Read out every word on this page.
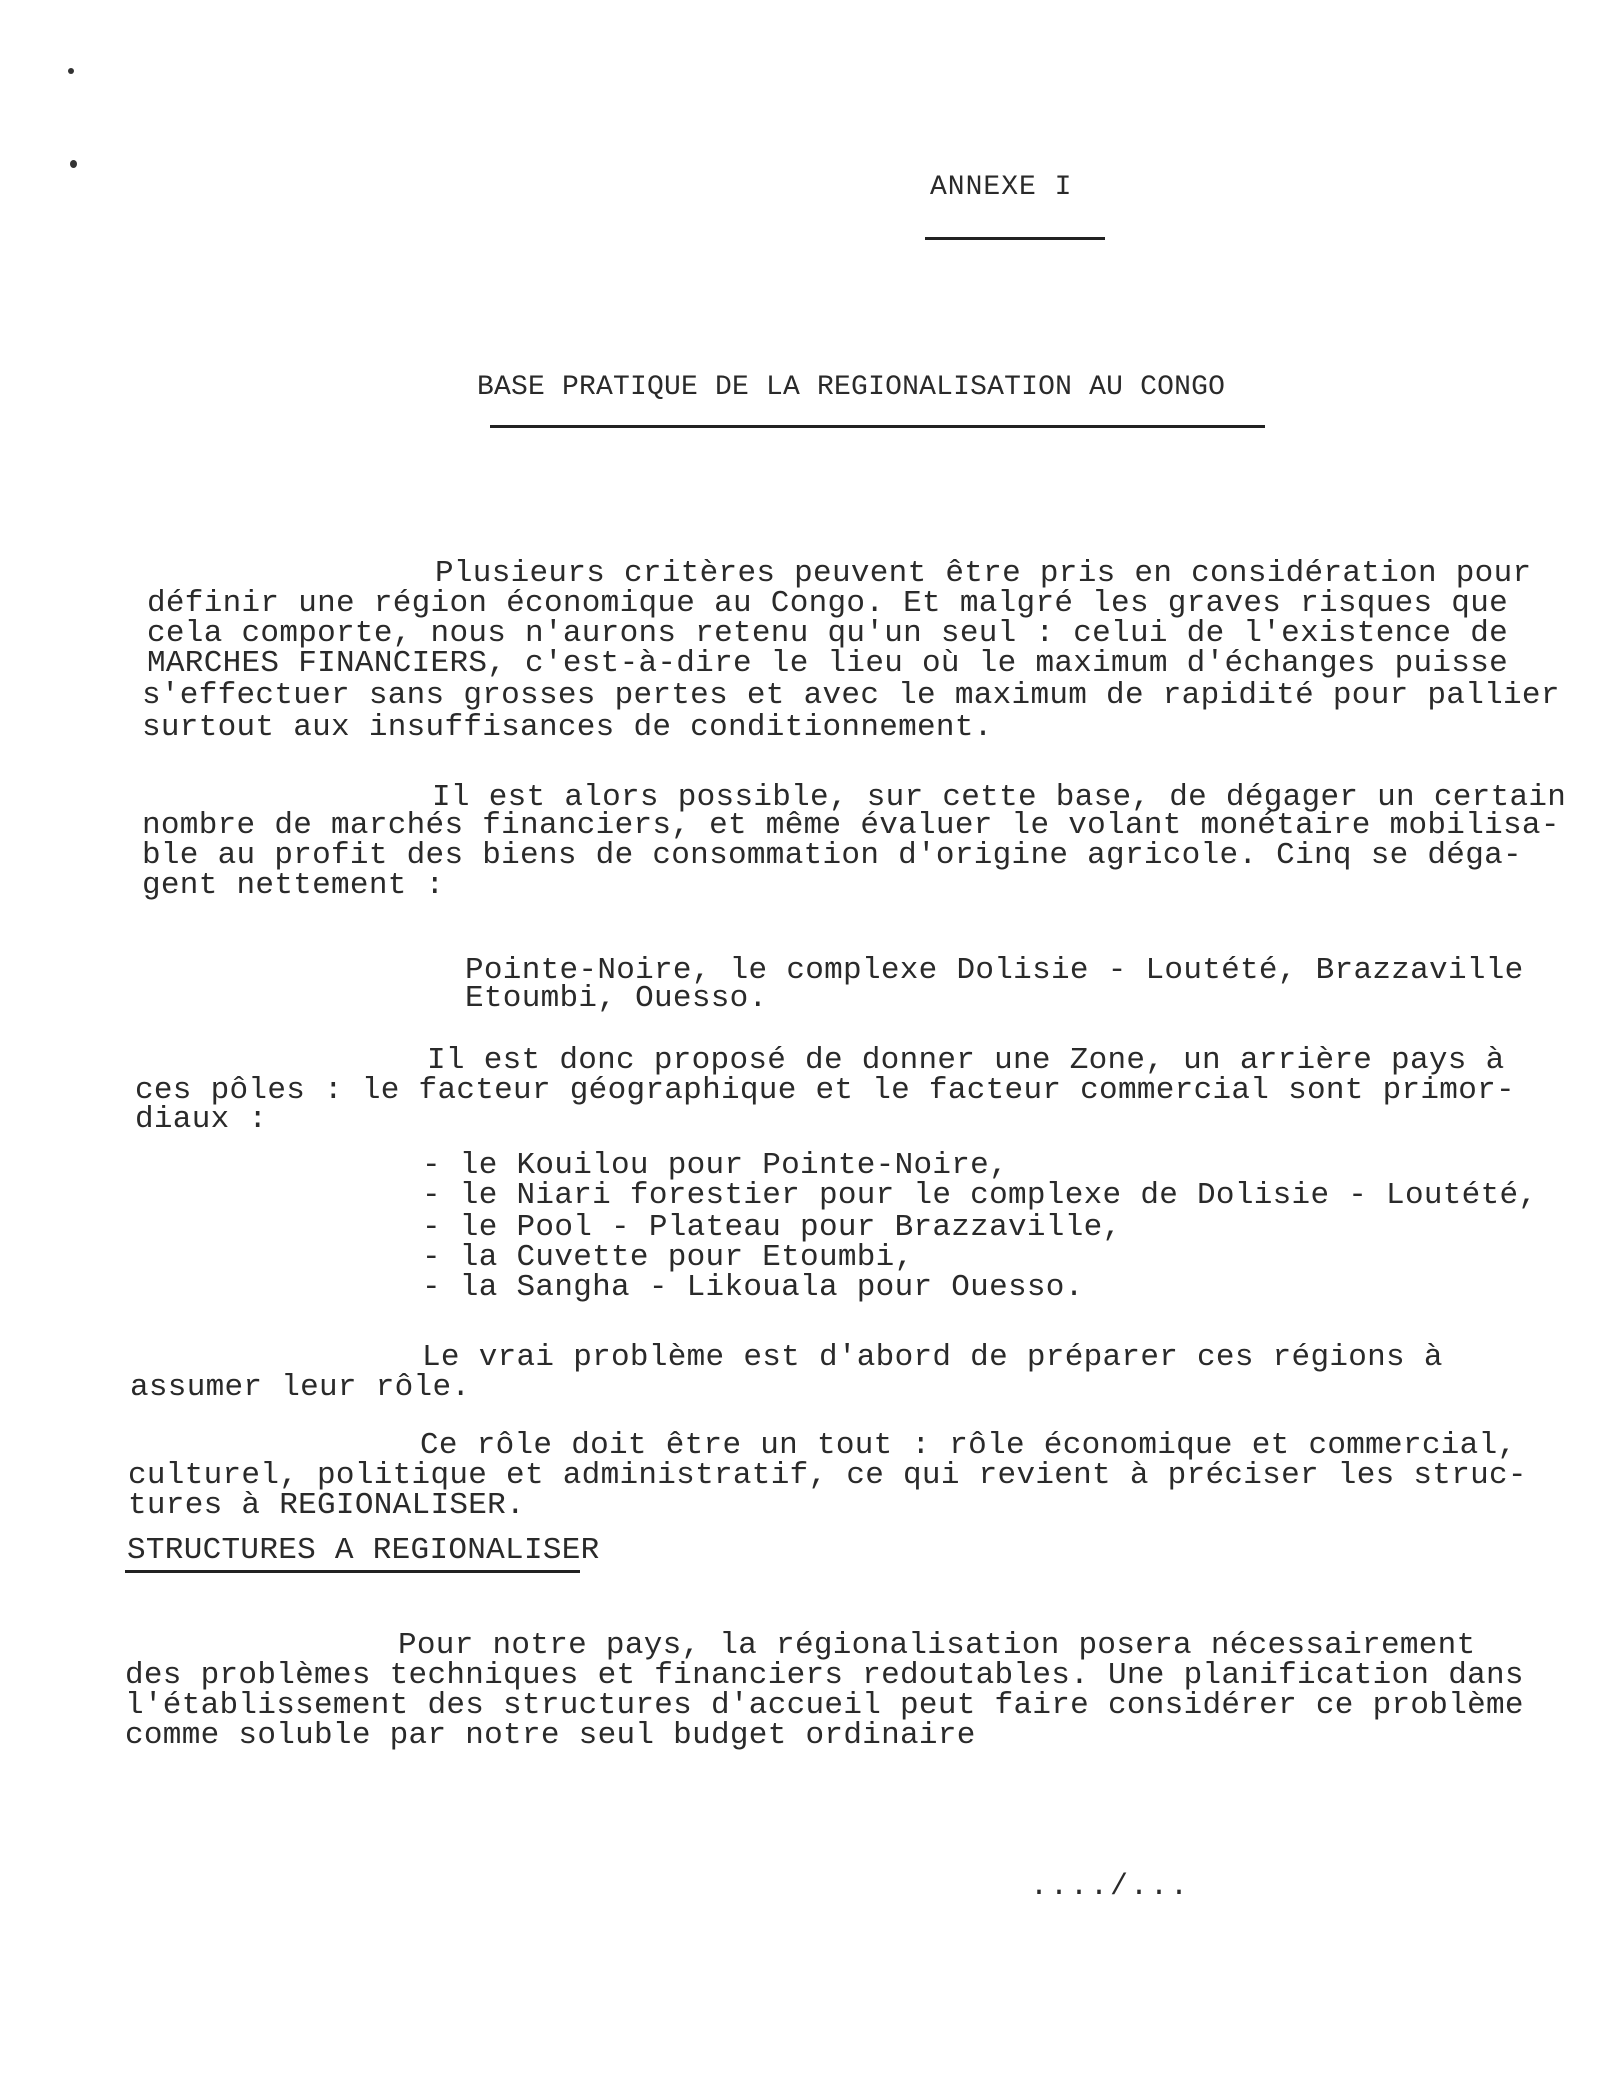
ANNEXE I

BASE PRATIQUE DE LA REGIONALISATION AU CONGO

Plusieurs critères peuvent être pris en considération pour

définir une région économique au Congo. Et malgré les graves risques que

cela comporte, nous n'aurons retenu qu'un seul : celui de l'existence de

MARCHES FINANCIERS, c'est-à-dire le lieu où le maximum d'échanges puisse

s'effectuer sans grosses pertes et avec le maximum de rapidité pour pallier

surtout aux insuffisances de conditionnement.

Il est alors possible, sur cette base, de dégager un certain

nombre de marchés financiers, et même évaluer le volant monétaire mobilisa-

ble au profit des biens de consommation d'origine agricole. Cinq se déga-

gent nettement :

Pointe-Noire, le complexe Dolisie - Loutété, Brazzaville

Etoumbi, Ouesso.

Il est donc proposé de donner une Zone, un arrière pays à

ces pôles : le facteur géographique et le facteur commercial sont primor-

diaux :

- le Kouilou pour Pointe-Noire,

- le Niari forestier pour le complexe de Dolisie - Loutété,

- le Pool - Plateau pour Brazzaville,

- la Cuvette pour Etoumbi,

- la Sangha - Likouala pour Ouesso.

Le vrai problème est d'abord de préparer ces régions à

assumer leur rôle.

Ce rôle doit être un tout : rôle économique et commercial,

culturel, politique et administratif, ce qui revient à préciser les struc-

tures à REGIONALISER.

STRUCTURES A REGIONALISER

Pour notre pays, la régionalisation posera nécessairement

des problèmes techniques et financiers redoutables. Une planification dans

l'établissement des structures d'accueil peut faire considérer ce problème

comme soluble par notre seul budget ordinaire

..../...
